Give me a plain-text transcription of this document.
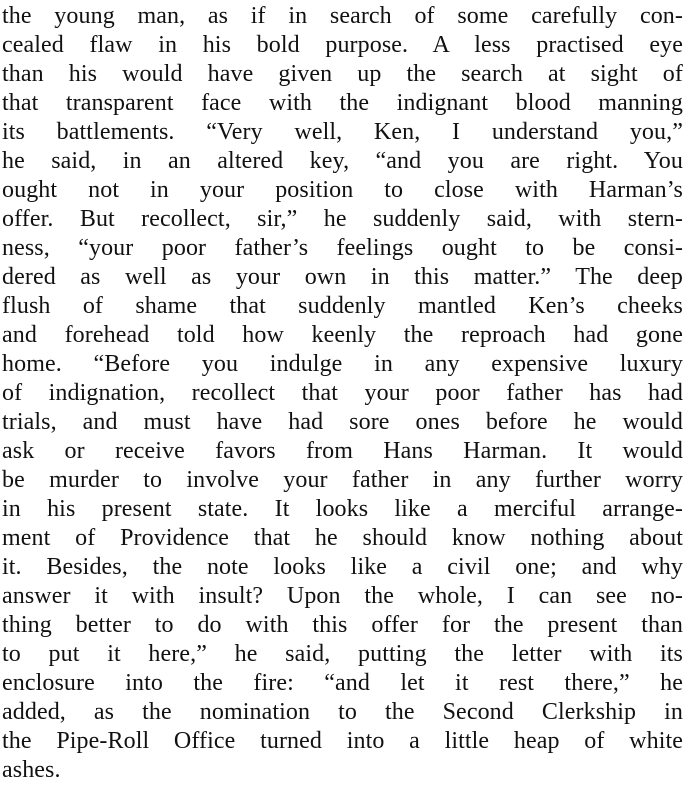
the young man, as if in search of some carefully con-
cealed flaw in his bold purpose. A less practised eye
than his would have given up the search at sight of
that transparent face with the indignant blood manning
its battlements. “Very well, Ken, I understand you,”
he said, in an altered key, “and you are right. You
ought not in your position to close with Harman’s
offer. But recollect, sir,” he suddenly said, with stern-
ness, “your poor father’s feelings ought to be consi-
dered as well as your own in this matter.” The deep
flush of shame that suddenly mantled Ken’s cheeks
and forehead told how keenly the reproach had gone
home. “Before you indulge in any expensive luxury
of indignation, recollect that your poor father has had
trials, and must have had sore ones before he would
ask or receive favors from Hans Harman. It would
be murder to involve your father in any further worry
in his present state. It looks like a merciful arrange-
ment of Providence that he should know nothing about
it. Besides, the note looks like a civil one; and why
answer it with insult? Upon the whole, I can see no-
thing better to do with this offer for the present than
to put it here,” he said, putting the letter with its
enclosure into the fire: “and let it rest there,” he
added, as the nomination to the Second Clerkship in
the Pipe-Roll Office turned into a little heap of white
ashes.
